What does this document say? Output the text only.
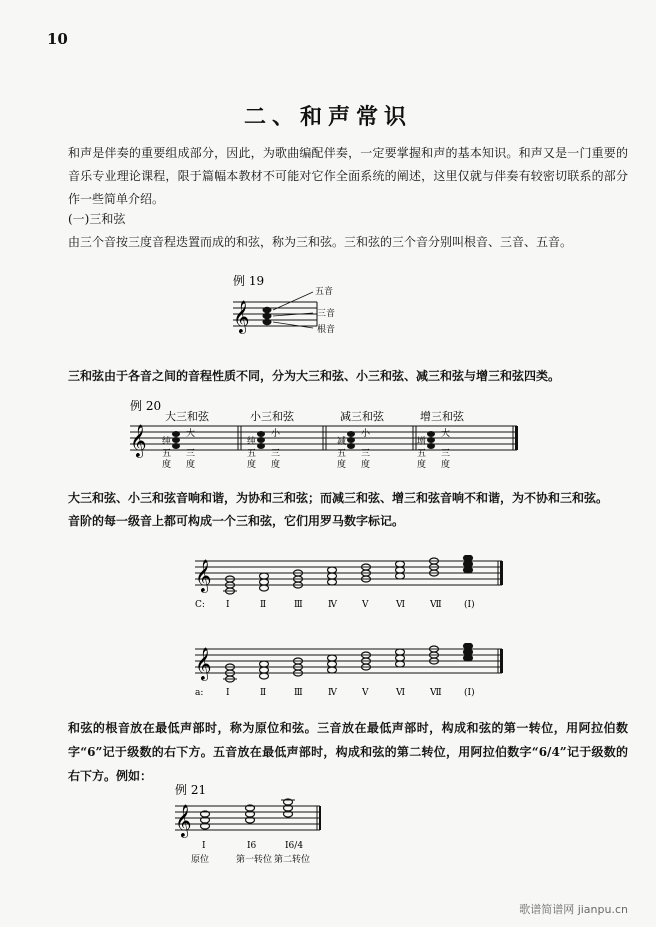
10
二、和声常识
和声是伴奏的重要组成部分，因此，为歌曲编配伴奏，一定要掌握和声的基本知识。和声又是一门重要的音乐专业理论课程，限于篇幅本教材不可能对它作全面系统的阐述，这里仅就与伴奏有较密切联系的部分作一些简单介绍。
(一)三和弦
由三个音按三度音程迭置而成的和弦，称为三和弦。三和弦的三个音分别叫根音、三音、五音。
例 19
𝄞
五音
三音
根音
三和弦由于各音之间的音程性质不同，分为大三和弦、小三和弦、减三和弦与增三和弦四类。
例 20
𝄞
大三和弦
大
纯
三
五
度 度
小三和弦
小
纯
三
五
度 度
减三和弦
小
减
三
五
度 度
增三和弦
大
增
三
五
度 度
大三和弦、小三和弦音响和谐，为协和三和弦；而减三和弦、增三和弦音响不和谐，为不协和三和弦。
音阶的每一级音上都可构成一个三和弦，它们用罗马数字标记。
𝄞
C: I	Ⅱ	Ⅲ	Ⅳ	Ⅴ	Ⅵ	Ⅶ (Ⅰ)
𝄞
a:	I	Ⅱ	Ⅲ	Ⅳ	Ⅴ	Ⅵ	Ⅶ (Ⅰ)
和弦的根音放在最低声部时，称为原位和弦。三音放在最低声部时，构成和弦的第一转位，用阿拉伯数字“6”记于级数的右下方。五音放在最低声部时，构成和弦的第二转位，用阿拉伯数字“6/4”记于级数的右下方。例如：
例 21
𝄞
I
原位
I6
第一转位
I6/4
第二转位
歌谱简谱网 jianpu.cn
